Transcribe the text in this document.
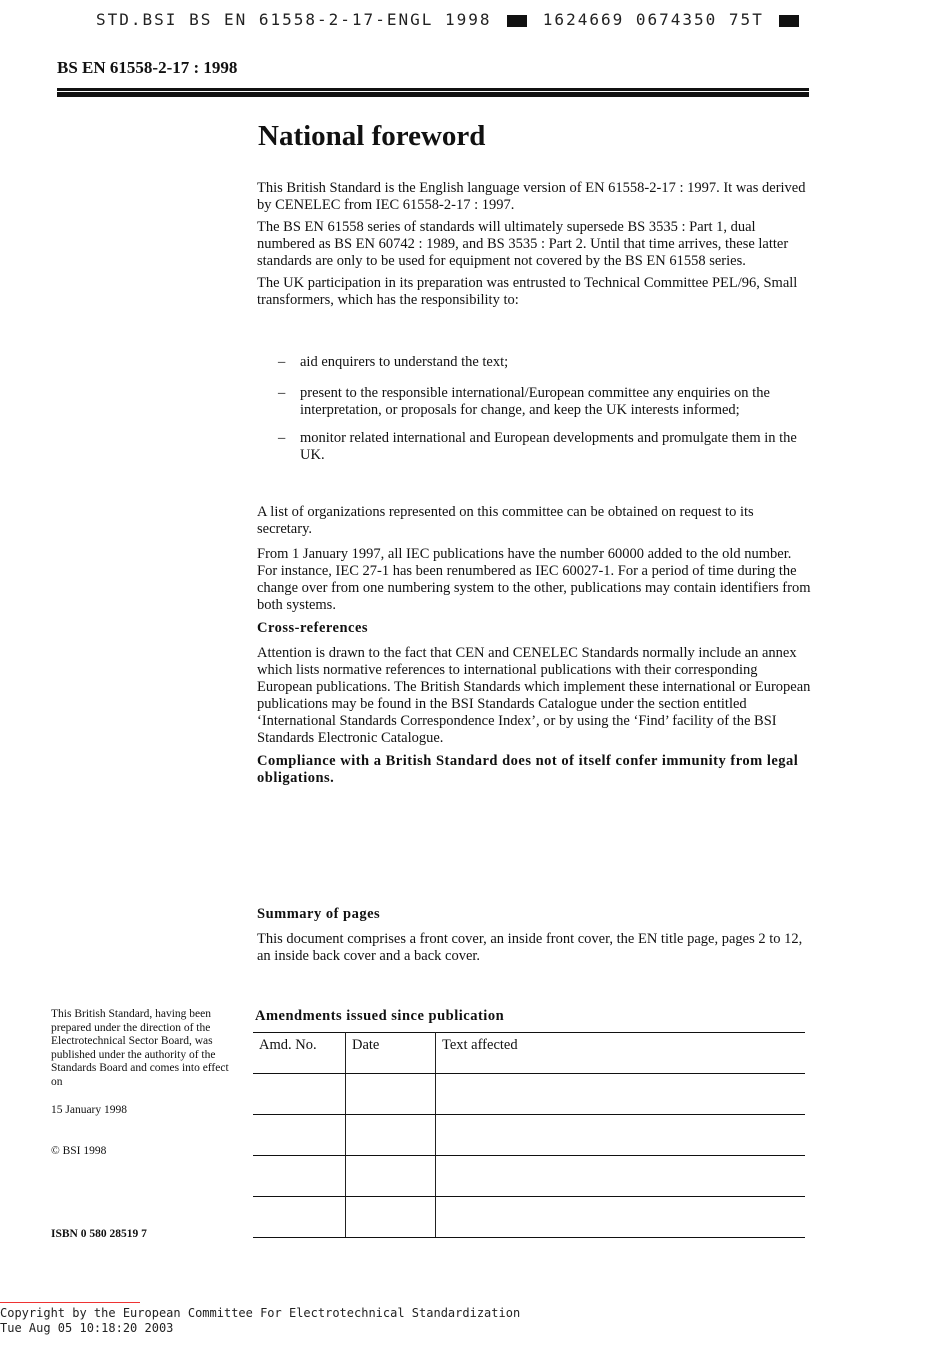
STD.BSI BS EN 61558-2-17-ENGL 1998	1624669 0674350 75T
BS EN 61558-2-17 : 1998
National foreword

This British Standard is the English language version of EN 61558-2-17 : 1997. It was derived by CENELEC from IEC 61558-2-17 : 1997.

The BS EN 61558 series of standards will ultimately supersede BS 3535 : Part 1, dual numbered as BS EN 60742 : 1989, and BS 3535 : Part 2. Until that time arrives, these latter standards are only to be used for equipment not covered by the BS EN 61558 series.

The UK participation in its preparation was entrusted to Technical Committee PEL/96, Small transformers, which has the responsibility to:

– aid enquirers to understand the text;
– present to the responsible international/European committee any enquiries on the interpretation, or proposals for change, and keep the UK interests informed;
– monitor related international and European developments and promulgate them in the UK.

A list of organizations represented on this committee can be obtained on request to its secretary.

From 1 January 1997, all IEC publications have the number 60000 added to the old number. For instance, IEC 27-1 has been renumbered as IEC 60027-1. For a period of time during the change over from one numbering system to the other, publications may contain identifiers from both systems.

Cross-references

Attention is drawn to the fact that CEN and CENELEC Standards normally include an annex which lists normative references to international publications with their corresponding European publications. The British Standards which implement these international or European publications may be found in the BSI Standards Catalogue under the section entitled ‘International Standards Correspondence Index’, or by using the ‘Find’ facility of the BSI Standards Electronic Catalogue.

Compliance with a British Standard does not of itself confer immunity from legal obligations.

Summary of pages

This document comprises a front cover, an inside front cover, the EN title page, pages 2 to 12, an inside back cover and a back cover.

This British Standard, having been prepared under the direction of the Electrotechnical Sector Board, was published under the authority of the Standards Board and comes into effect on
15 January 1998
© BSI 1998
ISBN 0 580 28519 7
Amendments issued since publication
Amd. No.	Date	Text affected

Copyright by the European Committee For Electrotechnical Standardization
Tue Aug 05 10:18:20 2003
